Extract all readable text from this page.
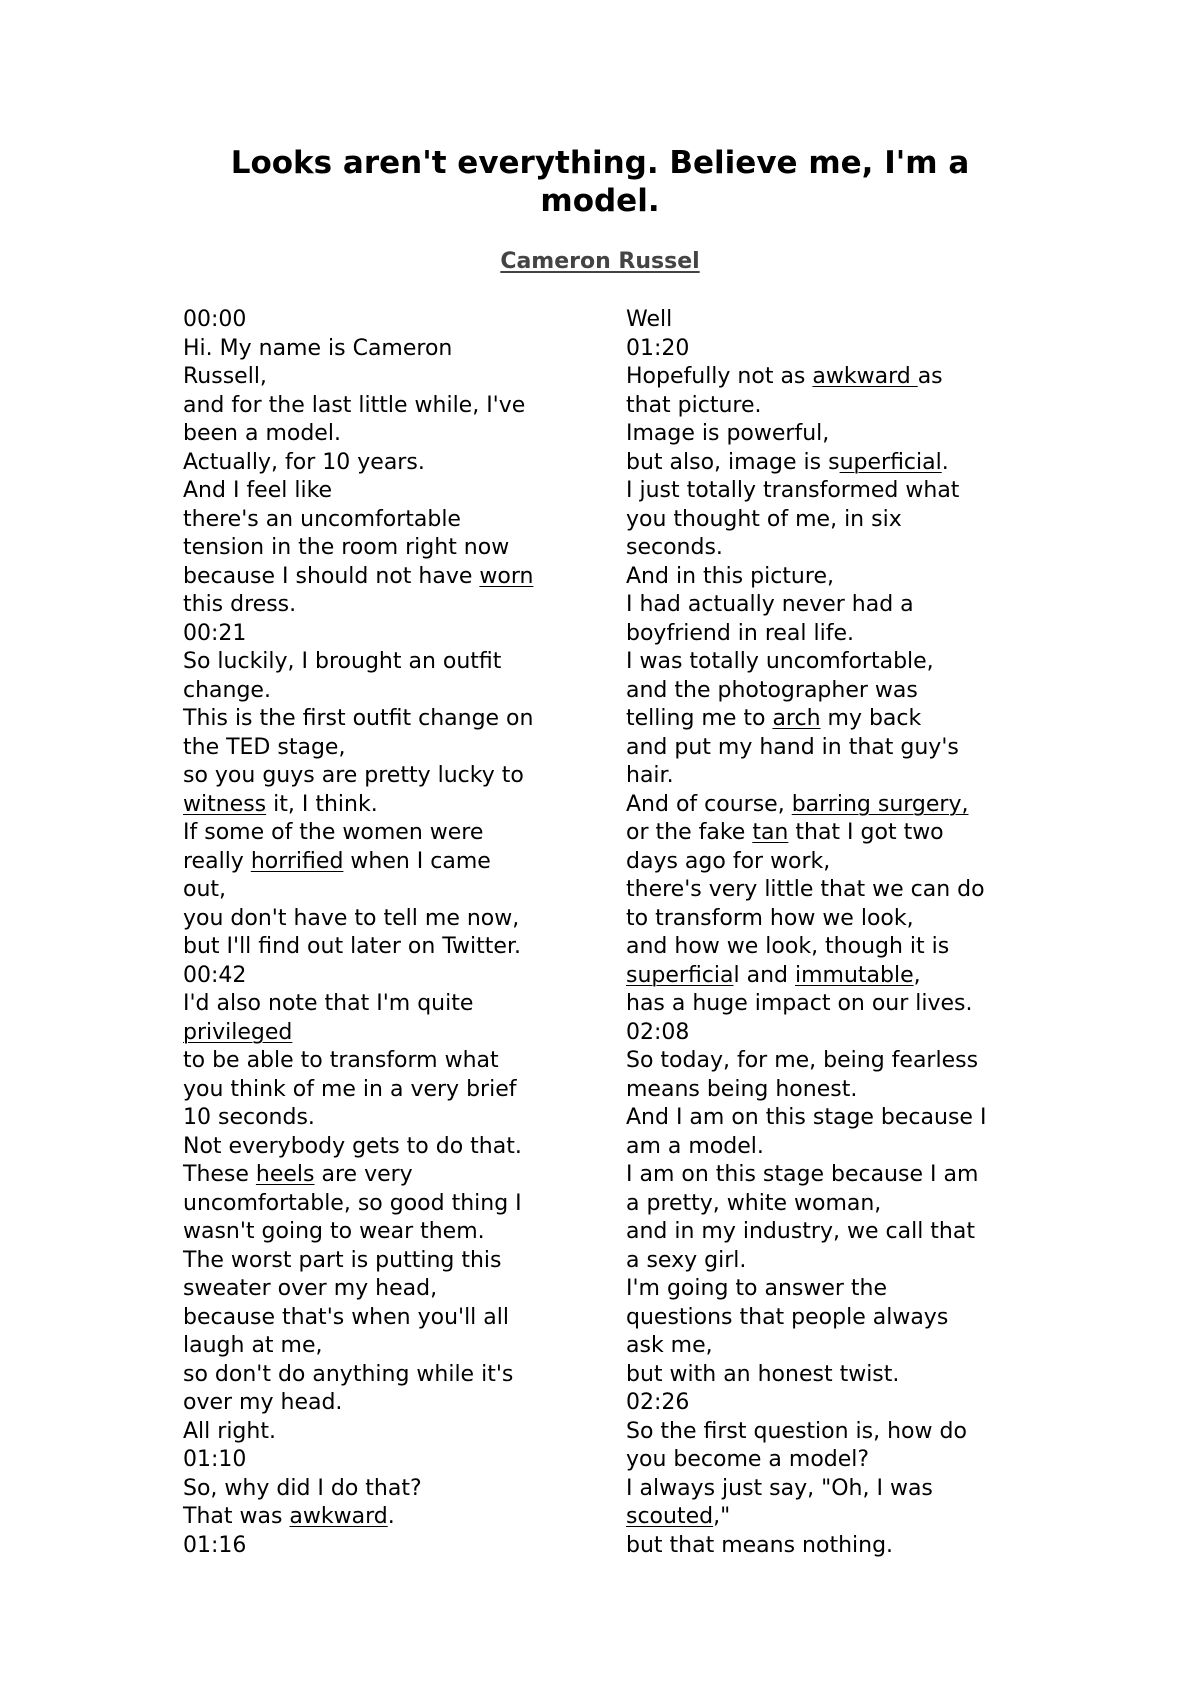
Looks aren't everything. Believe me, I'm a
model.
Cameron Russel
00:00
Hi. My name is Cameron
Russell,
and for the last little while, I've
been a model.
Actually, for 10 years.
And I feel like
there's an uncomfortable
tension in the room right now
because I should not have worn
this dress.
00:21
So luckily, I brought an outfit
change.
This is the first outfit change on
the TED stage,
so you guys are pretty lucky to
witness it, I think.
If some of the women were
really horrified when I came
out,
you don't have to tell me now,
but I'll find out later on Twitter.
00:42
I'd also note that I'm quite
privileged
to be able to transform what
you think of me in a very brief
10 seconds.
Not everybody gets to do that.
These heels are very
uncomfortable, so good thing I
wasn't going to wear them.
The worst part is putting this
sweater over my head,
because that's when you'll all
laugh at me,
so don't do anything while it's
over my head.
All right.
01:10
So, why did I do that?
That was awkward.
01:16
Well
01:20
Hopefully not as awkward as
that picture.
Image is powerful,
but also, image is superficial.
I just totally transformed what
you thought of me, in six
seconds.
And in this picture,
I had actually never had a
boyfriend in real life.
I was totally uncomfortable,
and the photographer was
telling me to arch my back
and put my hand in that guy's
hair.
And of course, barring surgery,
or the fake tan that I got two
days ago for work,
there's very little that we can do
to transform how we look,
and how we look, though it is
superficial and immutable,
has a huge impact on our lives.
02:08
So today, for me, being fearless
means being honest.
And I am on this stage because I
am a model.
I am on this stage because I am
a pretty, white woman,
and in my industry, we call that
a sexy girl.
I'm going to answer the
questions that people always
ask me,
but with an honest twist.
02:26
So the first question is, how do
you become a model?
I always just say, "Oh, I was
scouted,"
but that means nothing.
